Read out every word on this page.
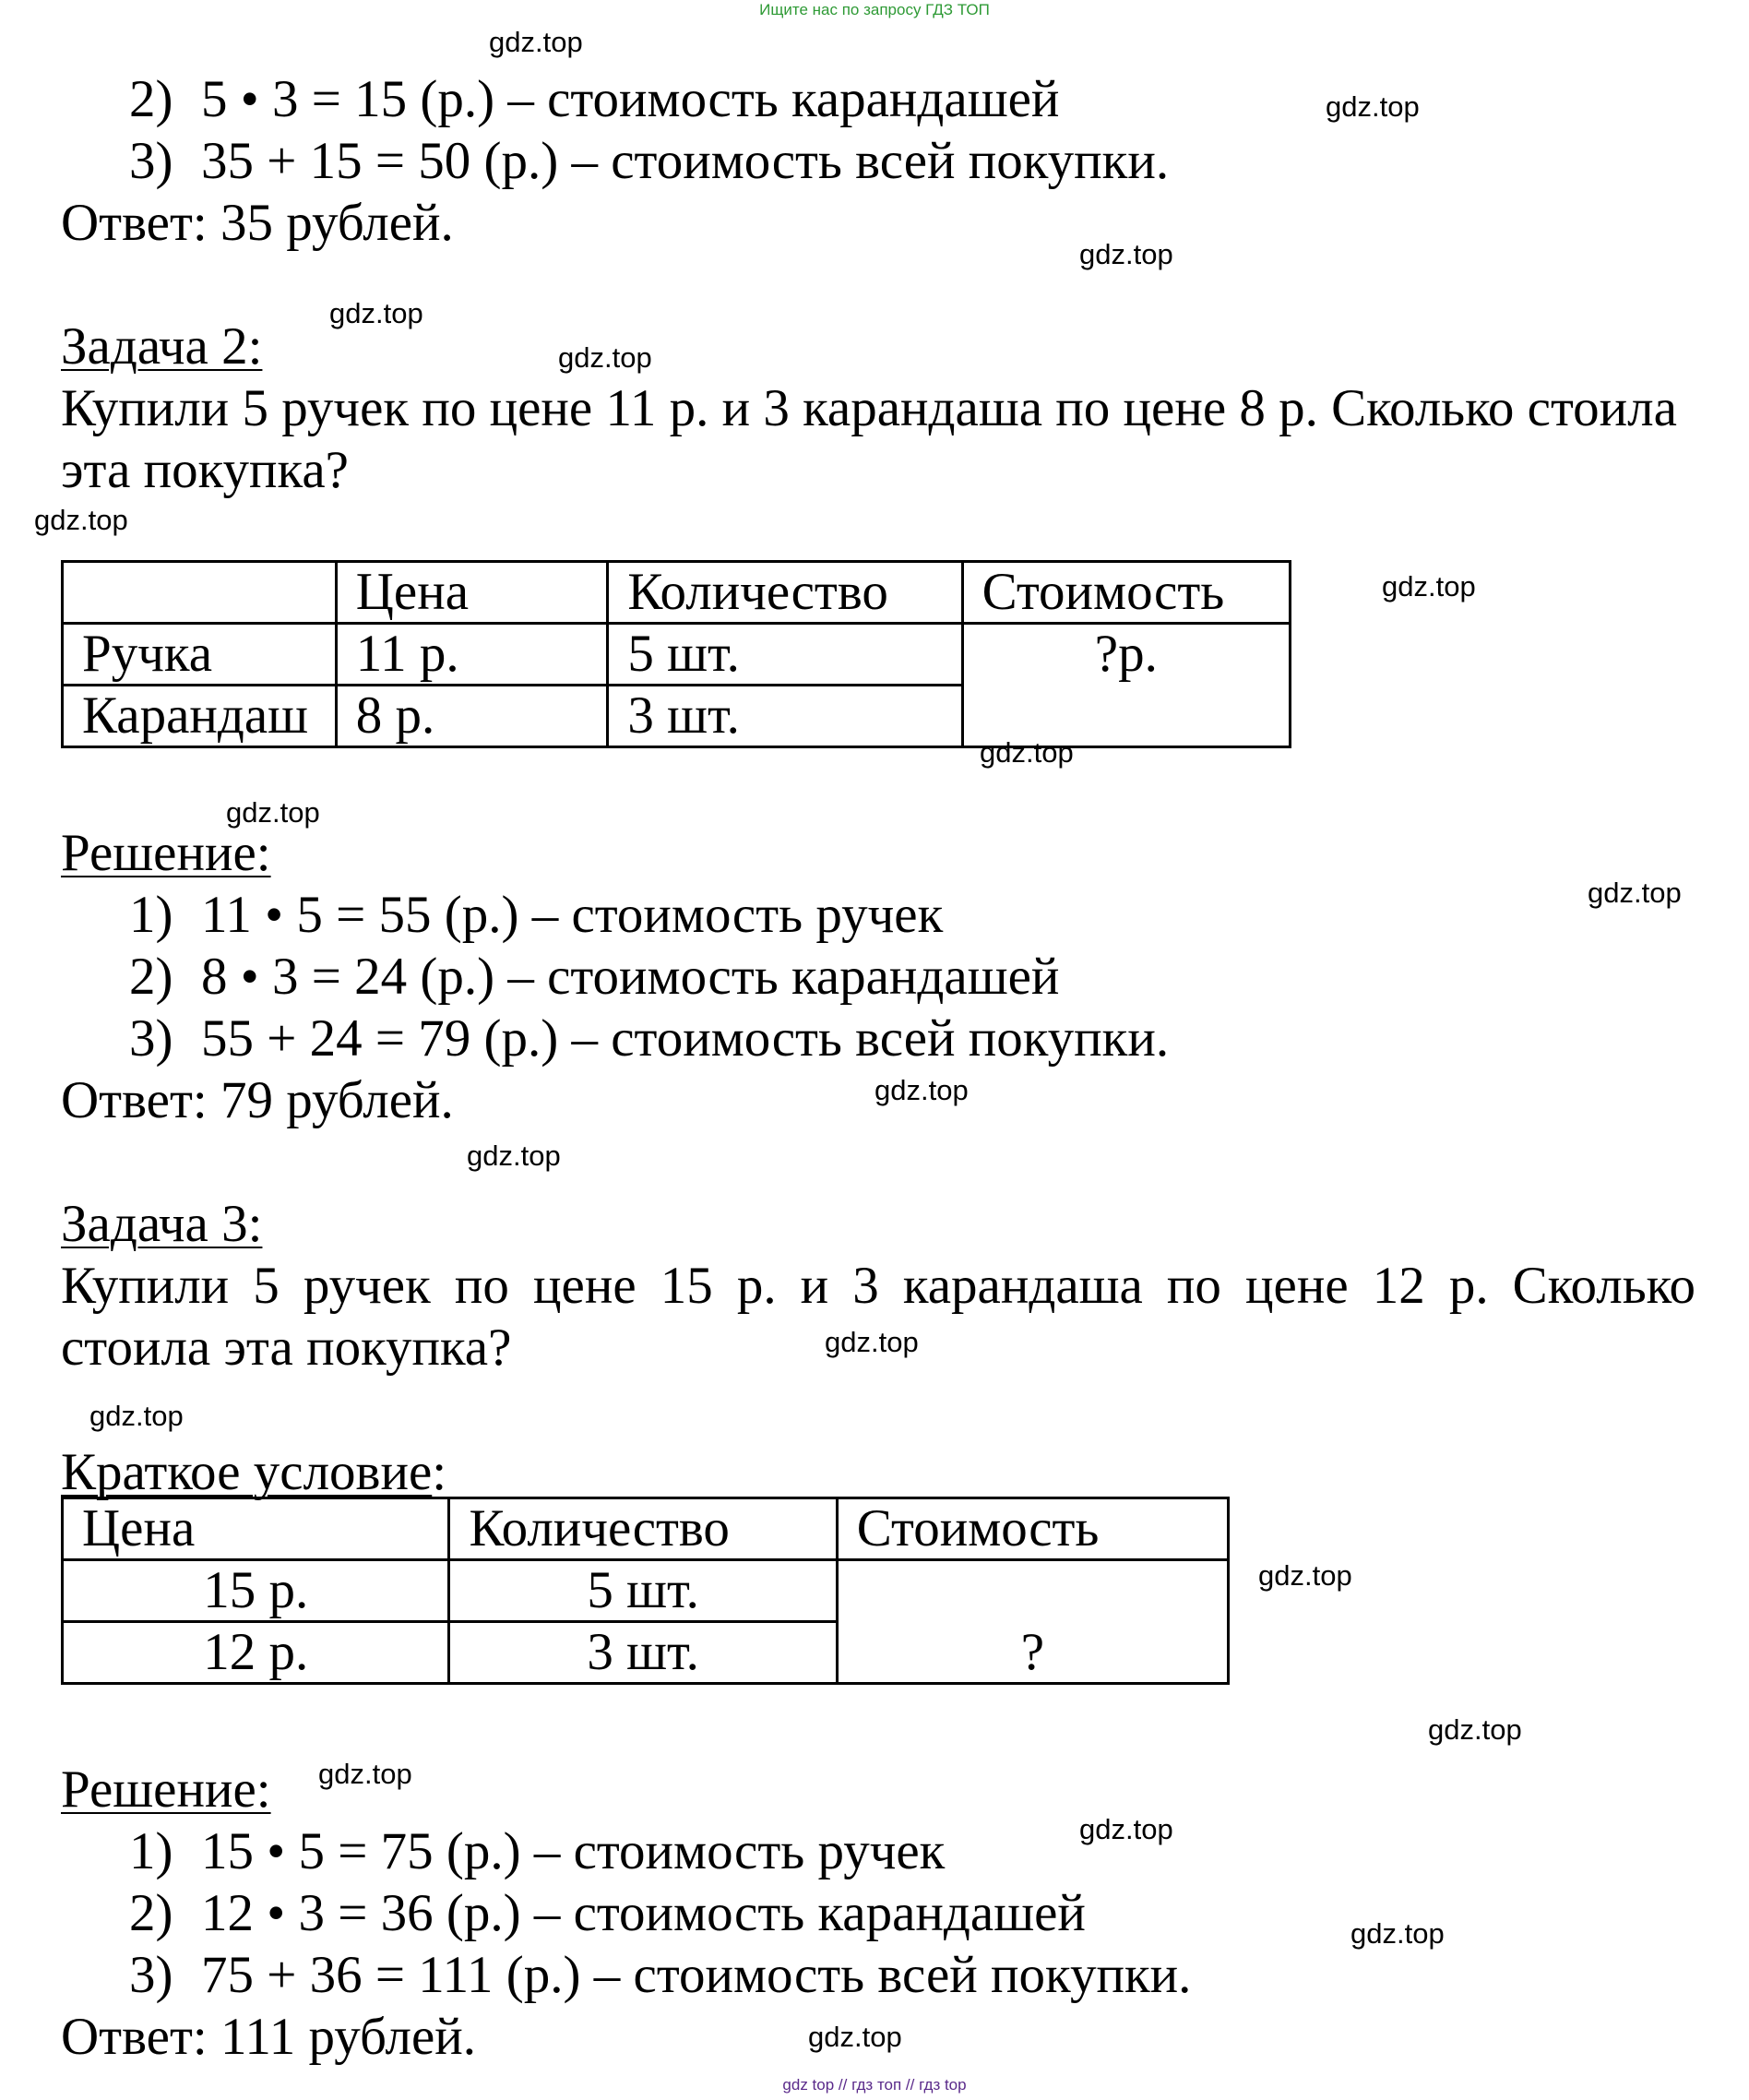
Ищите нас по запросу ГДЗ ТОП
2) 5 • 3 = 15 (р.) – стоимость карандашей
3) 35 + 15 = 50 (р.) – стоимость всей покупки.
Ответ: 35 рублей.
Задача 2:
Купили 5 ручек по цене 11 р. и 3 карандаша по цене 8 р. Сколько стоила
эта покупка?
	Цена	Количество	Стоимость
Ручка	11 р.	5 шт.	?р.
Карандаш	8 р.	3 шт.	
Решение:
1) 11 • 5 = 55 (р.) – стоимость ручек
2) 8 • 3 = 24 (р.) – стоимость карандашей
3) 55 + 24 = 79 (р.) – стоимость всей покупки.
Ответ: 79 рублей.
Задача 3:
Купили 5 ручек по цене 15 р. и 3 карандаша по цене 12 р. Сколько
стоила эта покупка?
Краткое условие:
Цена	Количество	Стоимость
15 р.	5 шт.	?
12 р.	3 шт.	
Решение:
1) 15 • 5 = 75 (р.) – стоимость ручек
2) 12 • 3 = 36 (р.) – стоимость карандашей
3) 75 + 36 = 111 (р.) – стоимость всей покупки.
Ответ: 111 рублей.
gdz.top
gdz.top
gdz.top
gdz.top
gdz.top
gdz.top
gdz.top
gdz.top
gdz.top
gdz.top
gdz.top
gdz.top
gdz.top
gdz.top
gdz.top
gdz.top
gdz.top
gdz.top
gdz.top
gdz.top
gdz top // гдз топ // гдз top
